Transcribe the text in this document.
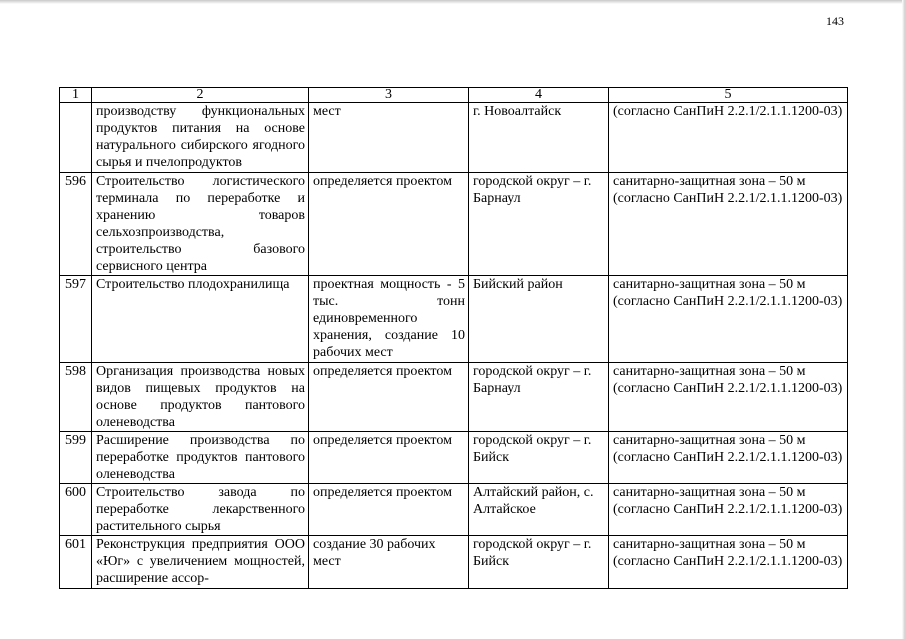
143
1	2	3	4	5
	производству функциональных продуктов питания на основе натурального сибирского ягодного сырья и пчелопродуктов	мест	г. Новоалтайск	(согласно СанПиН 2.2.1/2.1.1.1200-03)
596	Строительство логистического терминала по переработке и хранению товаров сельхозпроизводства, строительство базового сервисного центра	определяется проектом	городской округ – г. Барнаул	санитарно-защитная зона – 50 м (согласно СанПиН 2.2.1/2.1.1.1200-03)
597	Строительство плодохранилища	проектная мощность - 5 тыс. тонн единовременного хранения, создание 10 рабочих мест	Бийский район	санитарно-защитная зона – 50 м (согласно СанПиН 2.2.1/2.1.1.1200-03)
598	Организация производства новых видов пищевых продуктов на основе продуктов пантового оленеводства	определяется проектом	городской округ – г. Барнаул	санитарно-защитная зона – 50 м (согласно СанПиН 2.2.1/2.1.1.1200-03)
599	Расширение производства по переработке продуктов пантового оленеводства	определяется проектом	городской округ – г. Бийск	санитарно-защитная зона – 50 м (согласно СанПиН 2.2.1/2.1.1.1200-03)
600	Строительство завода по переработке лекарственного растительного сырья	определяется проектом	Алтайский район, с. Алтайское	санитарно-защитная зона – 50 м (согласно СанПиН 2.2.1/2.1.1.1200-03)
601	Реконструкция предприятия ООО «Юг» с увеличением мощностей, расширение ассор-	создание 30 рабочих мест	городской округ – г. Бийск	санитарно-защитная зона – 50 м (согласно СанПиН 2.2.1/2.1.1.1200-03)
